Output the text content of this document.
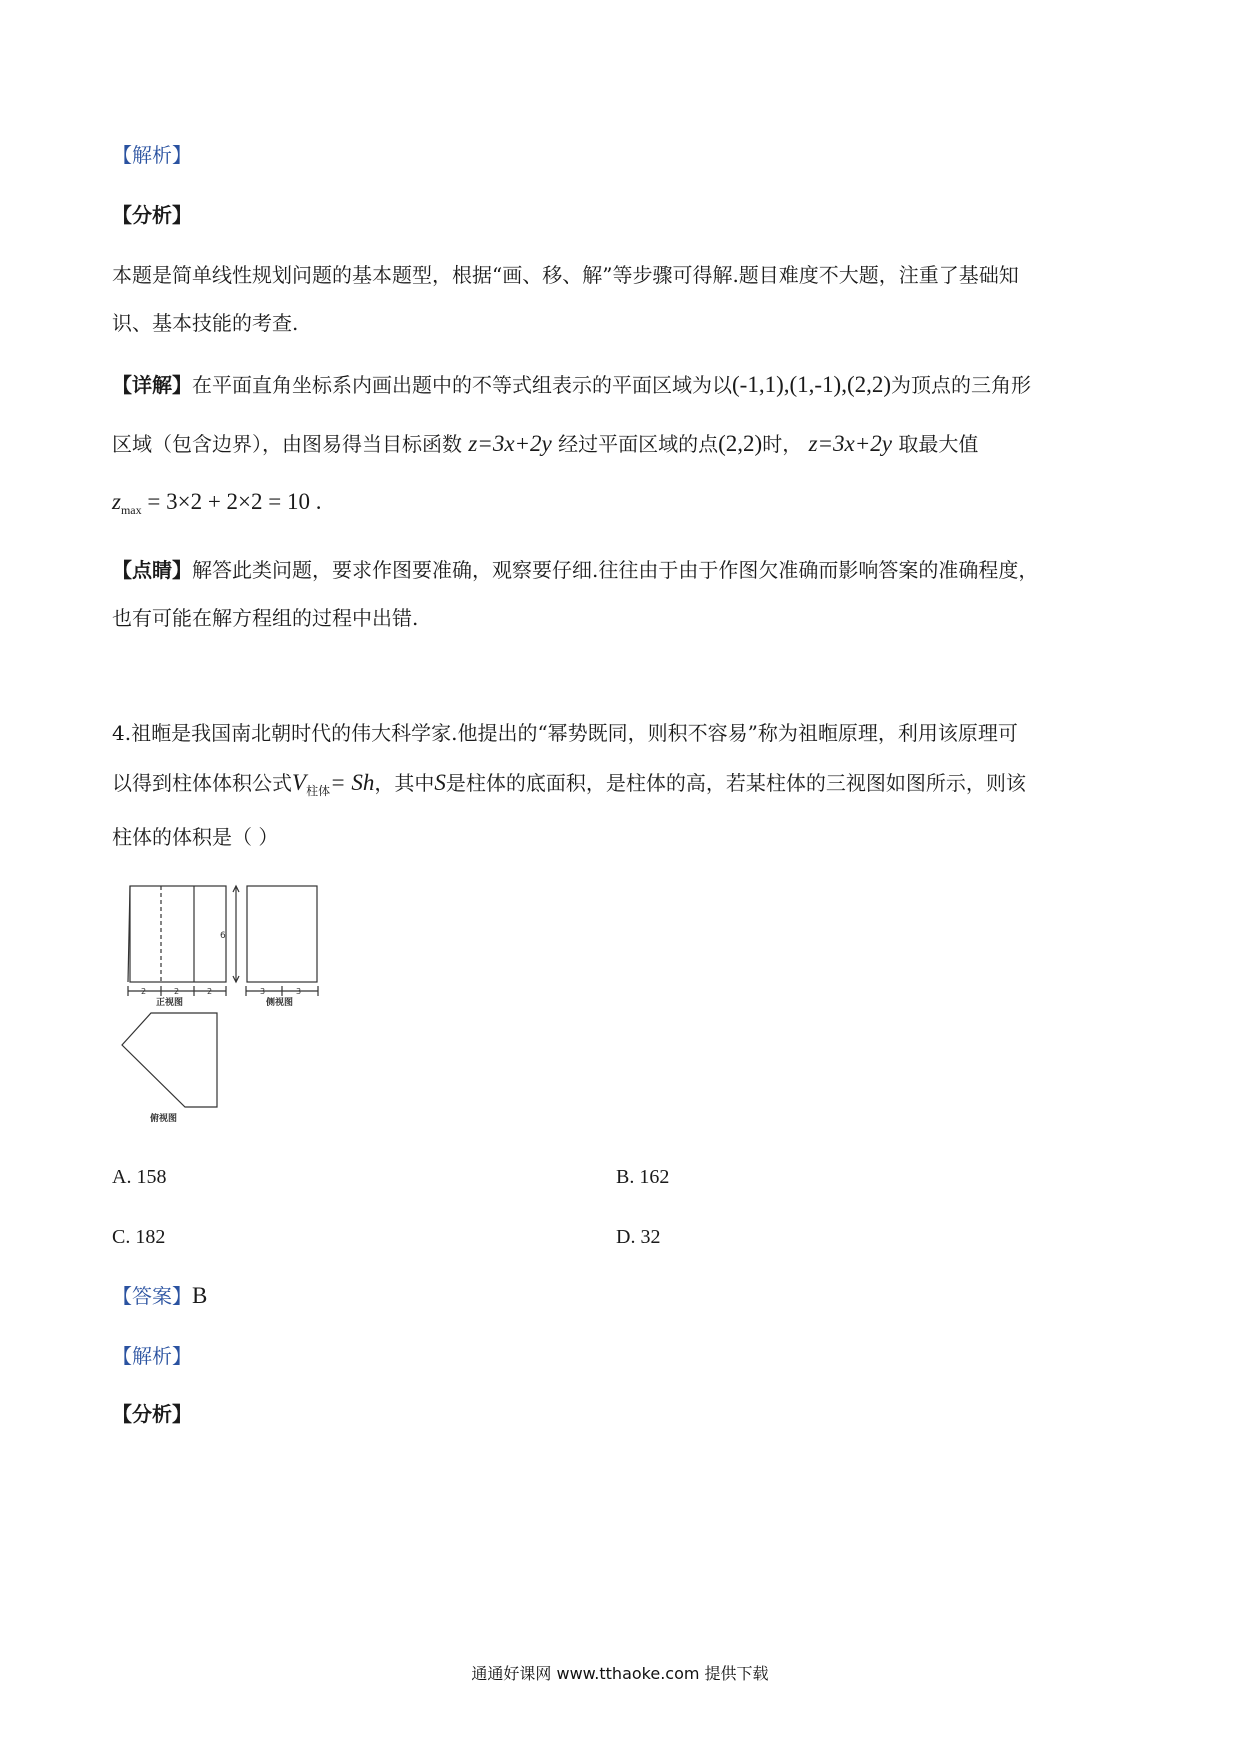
【解析】
【分析】
本题是简单线性规划问题的基本题型，根据“画、移、解”等步骤可得解.题目难度不大题，注重了基础知
识、基本技能的考查.
【详解】在平面直角坐标系内画出题中的不等式组表示的平面区域为以(-1,1),(1,-1),(2,2)为顶点的三角形
区域（包含边界），由图易得当目标函数 z=3x+2y 经过平面区域的点(2,2)时， z=3x+2y 取最大值
$z_{max} = 3\times 2 + 2\times 2 = 10$ .
【点睛】解答此类问题，要求作图要准确，观察要仔细.往往由于由于作图欠准确而影响答案的准确程度，
也有可能在解方程组的过程中出错.
4.祖暅是我国南北朝时代的伟大科学家.他提出的“幂势既同，则积不容易”称为祖暅原理，利用该原理可
以得到柱体体积公式$V_{柱体}= Sh$，其中S是柱体的底面积，是柱体的高，若某柱体的三视图如图所示，则该
柱体的体积是（ ）
6
2	2	2
正视图
3	3
侧视图
俯视图
A. 158	B. 162
C. 182	D. 32
【答案】B
【解析】
【分析】
通通好课网 www.tthaoke.com 提供下载
